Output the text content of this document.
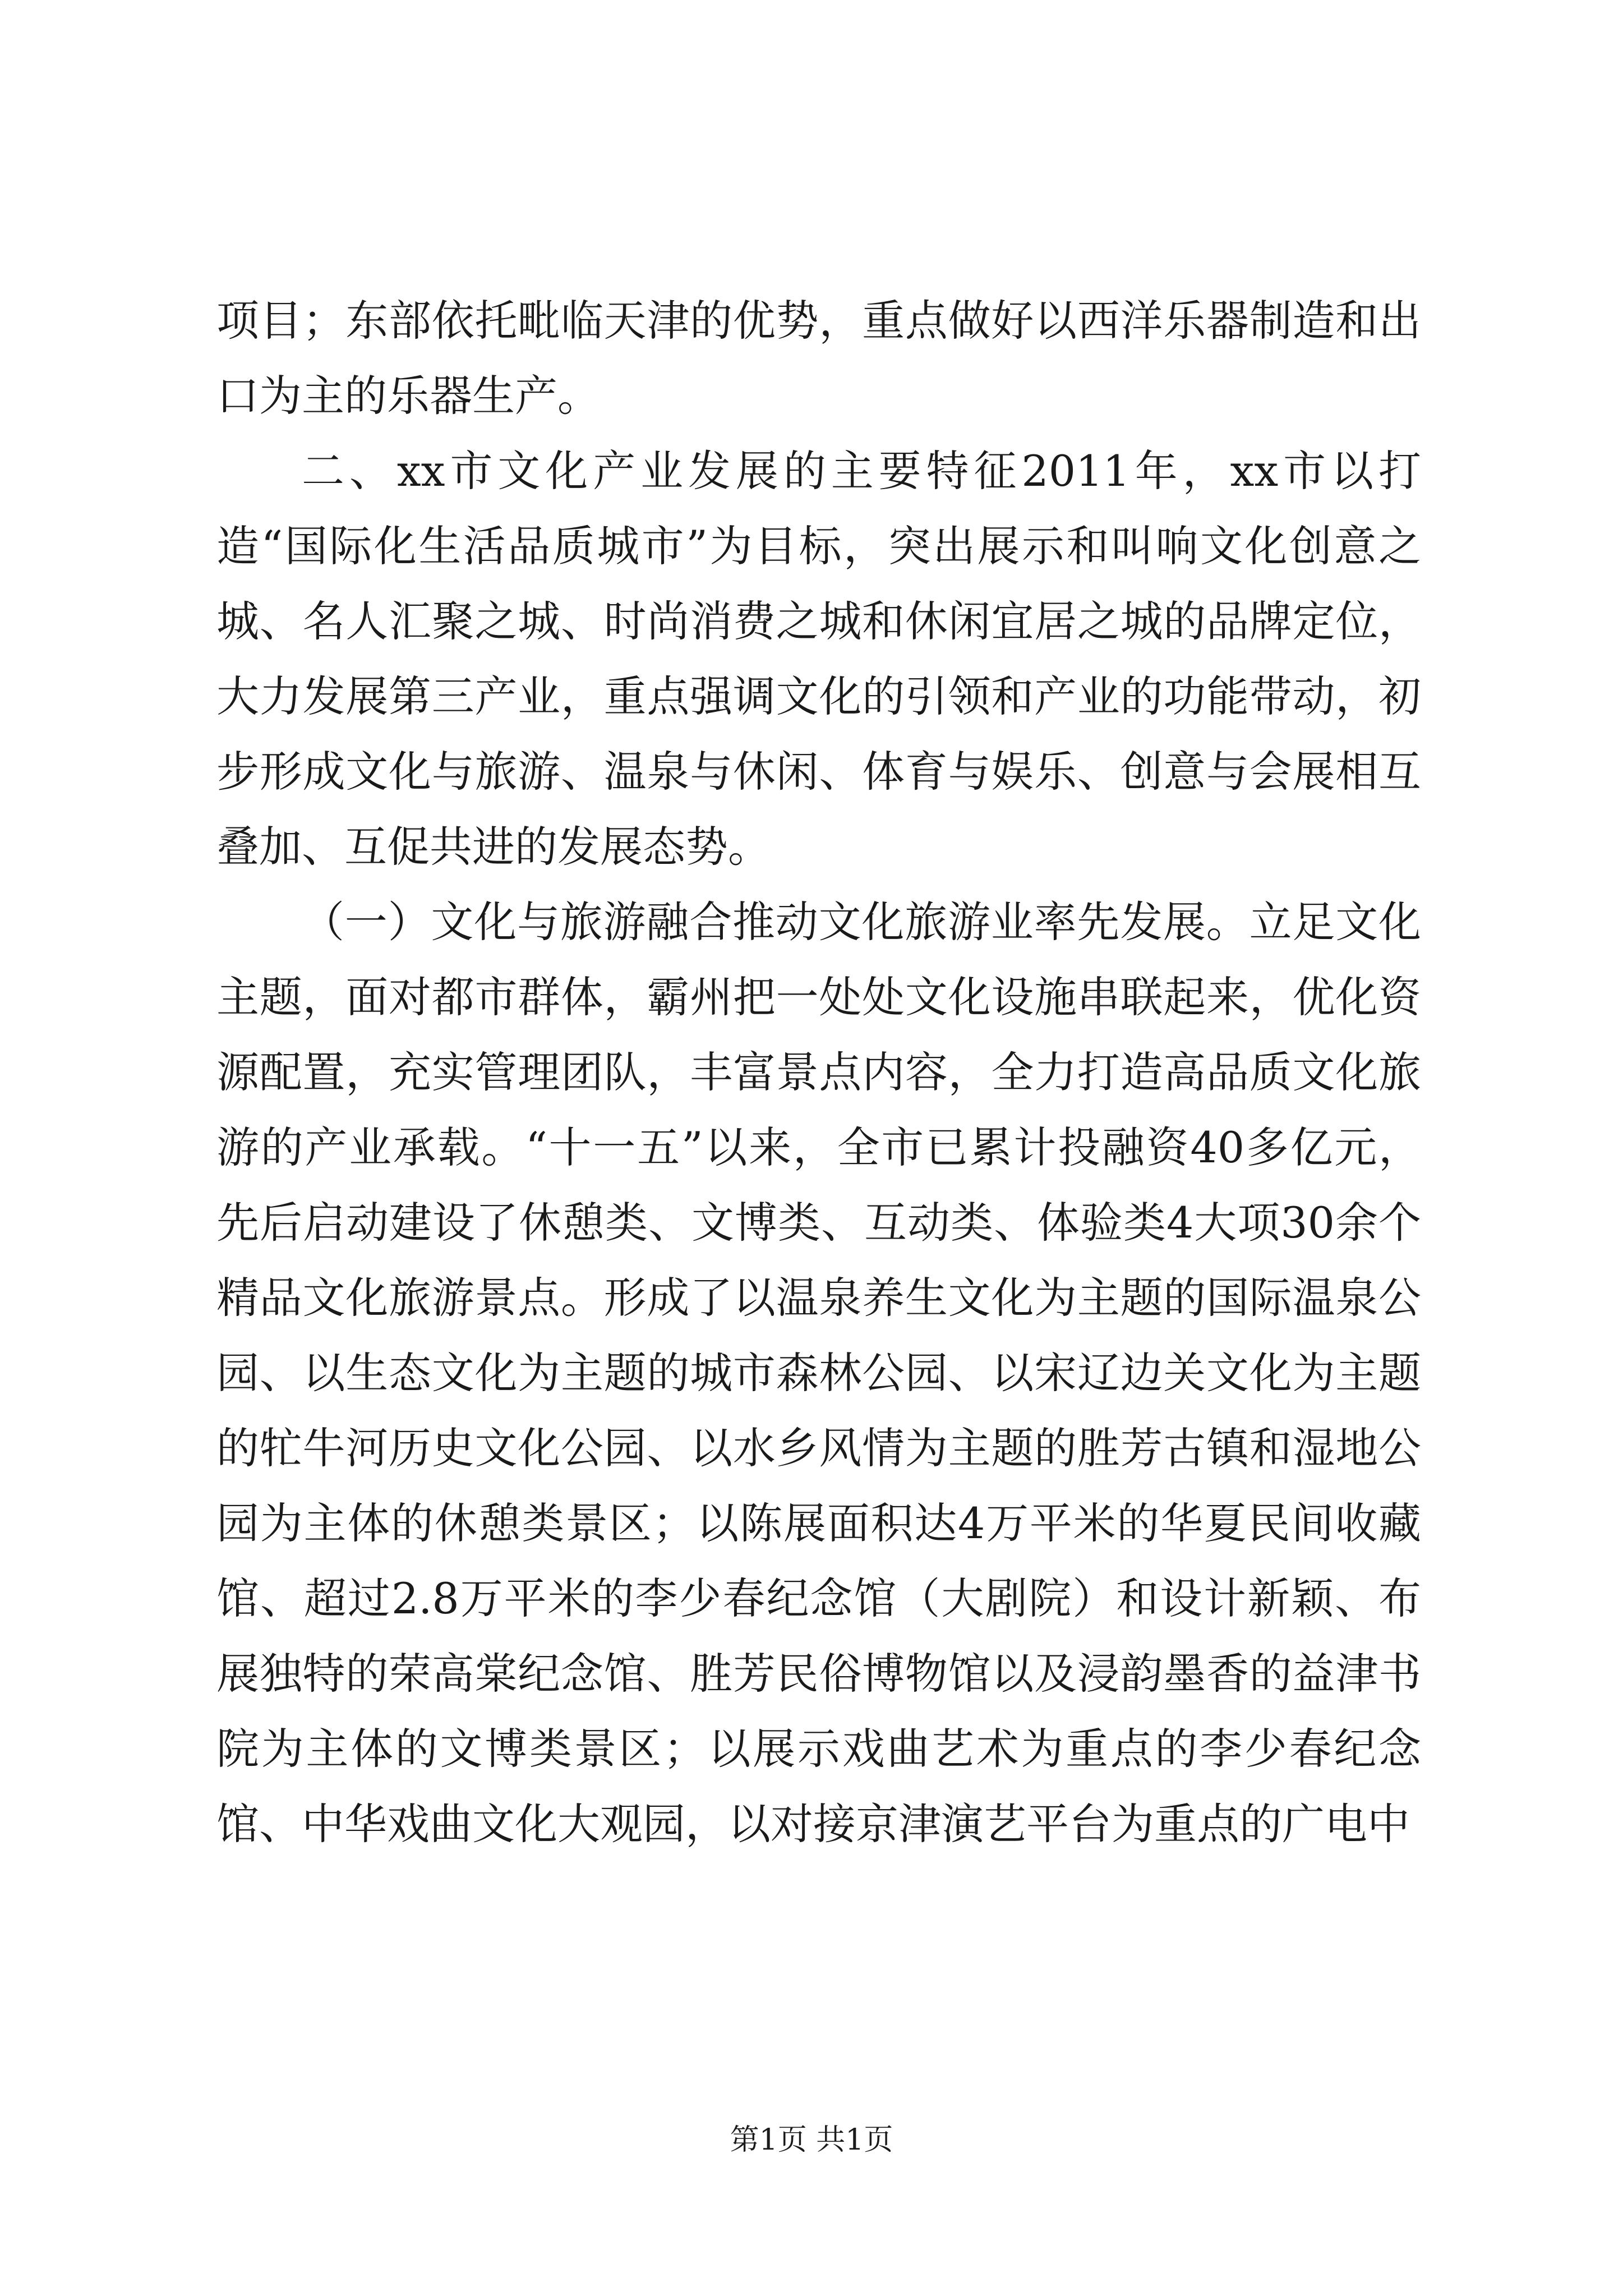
项目；东部依托毗临天津的优势，重点做好以西洋乐器制造和出口为主的乐器生产。

二、xx市文化产业发展的主要特征2011年，xx市以打造“国际化生活品质城市”为目标，突出展示和叫响文化创意之城、名人汇聚之城、时尚消费之城和休闲宜居之城的品牌定位，大力发展第三产业，重点强调文化的引领和产业的功能带动，初步形成文化与旅游、温泉与休闲、体育与娱乐、创意与会展相互叠加、互促共进的发展态势。

（一）文化与旅游融合推动文化旅游业率先发展。立足文化主题，面对都市群体，霸州把一处处文化设施串联起来，优化资源配置，充实管理团队，丰富景点内容，全力打造高品质文化旅游的产业承载。“十一五”以来，全市已累计投融资40多亿元，先后启动建设了休憩类、文博类、互动类、体验类4大项30余个精品文化旅游景点。形成了以温泉养生文化为主题的国际温泉公园、以生态文化为主题的城市森林公园、以宋辽边关文化为主题的牤牛河历史文化公园、以水乡风情为主题的胜芳古镇和湿地公园为主体的休憩类景区；以陈展面积达4万平米的华夏民间收藏馆、超过2.8万平米的李少春纪念馆（大剧院）和设计新颖、布展独特的荣高棠纪念馆、胜芳民俗博物馆以及浸韵墨香的益津书院为主体的文博类景区；以展示戏曲艺术为重点的李少春纪念馆、中华戏曲文化大观园，以对接京津演艺平台为重点的广电中

第1页 共1页
